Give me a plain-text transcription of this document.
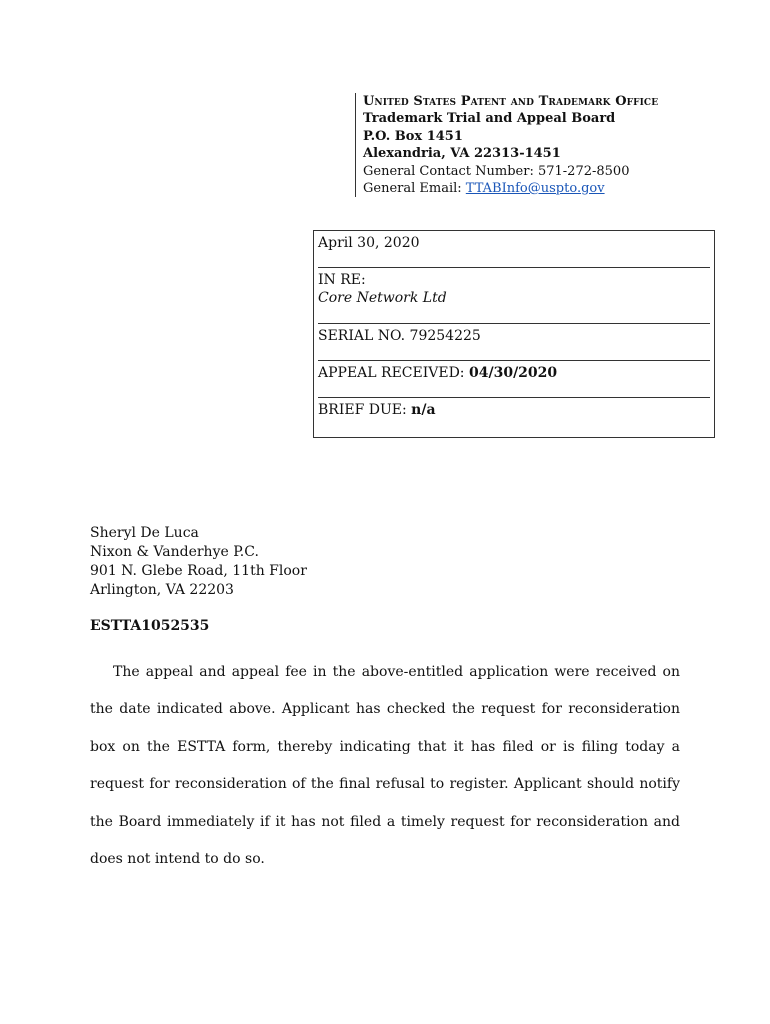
United States Patent and Trademark Office
Trademark Trial and Appeal Board
P.O. Box 1451
Alexandria, VA 22313-1451
General Contact Number: 571-272-8500
General Email: TTABInfo@uspto.gov
April 30, 2020
IN RE:
Core Network Ltd
SERIAL NO. 79254225
APPEAL RECEIVED: 04/30/2020
BRIEF DUE: n/a
Sheryl De Luca
Nixon & Vanderhye P.C.
901 N. Glebe Road, 11th Floor
Arlington, VA 22203
ESTTA1052535
The appeal and appeal fee in the above-entitled application were received on the date indicated above. Applicant has checked the request for reconsideration box on the ESTTA form, thereby indicating that it has filed or is filing today a request for reconsideration of the final refusal to register. Applicant should notify the Board immediately if it has not filed a timely request for reconsideration and does not intend to do so.
